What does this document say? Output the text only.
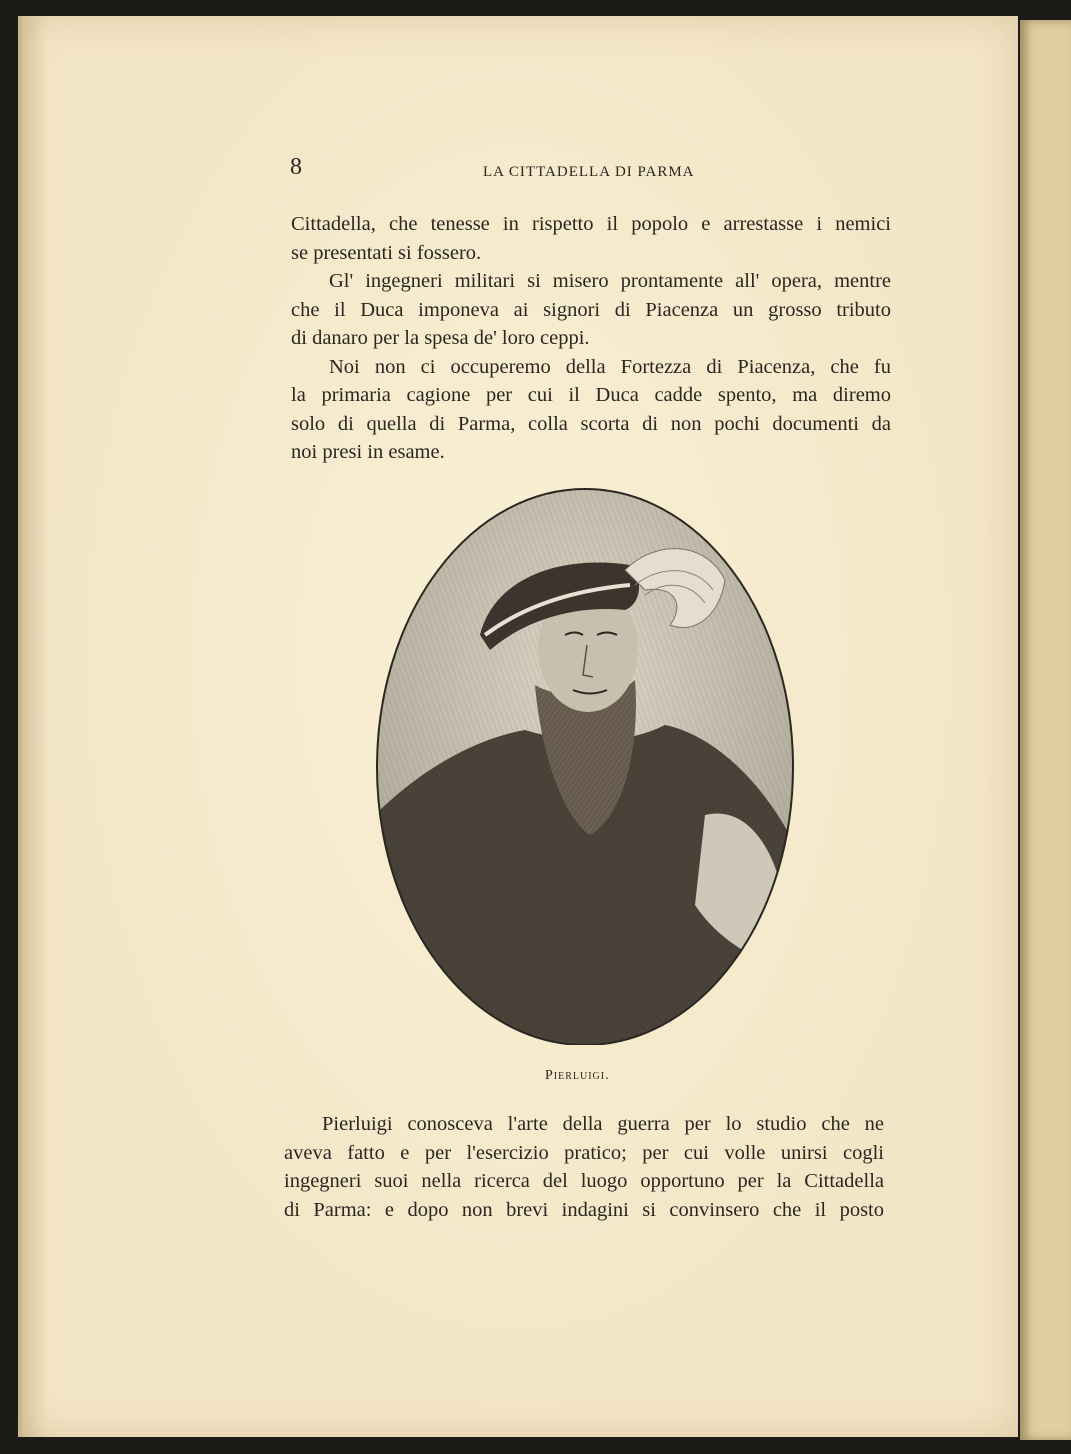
8	LA CITTADELLA DI PARMA
Cittadella, che tenesse in rispetto il popolo e arrestasse i nemici
se presentati si fossero.
Gl' ingegneri militari si misero prontamente all' opera, mentre
che il Duca imponeva ai signori di Piacenza un grosso tributo
di danaro per la spesa de' loro ceppi.
Noi non ci occuperemo della Fortezza di Piacenza, che fu
la primaria cagione per cui il Duca cadde spento, ma diremo
solo di quella di Parma, colla scorta di non pochi documenti da
noi presi in esame.
Pierluigi.
Pierluigi conosceva l'arte della guerra per lo studio che ne
aveva fatto e per l'esercizio pratico; per cui volle unirsi cogli
ingegneri suoi nella ricerca del luogo opportuno per la Cittadella
di Parma: e dopo non brevi indagini si convinsero che il posto
